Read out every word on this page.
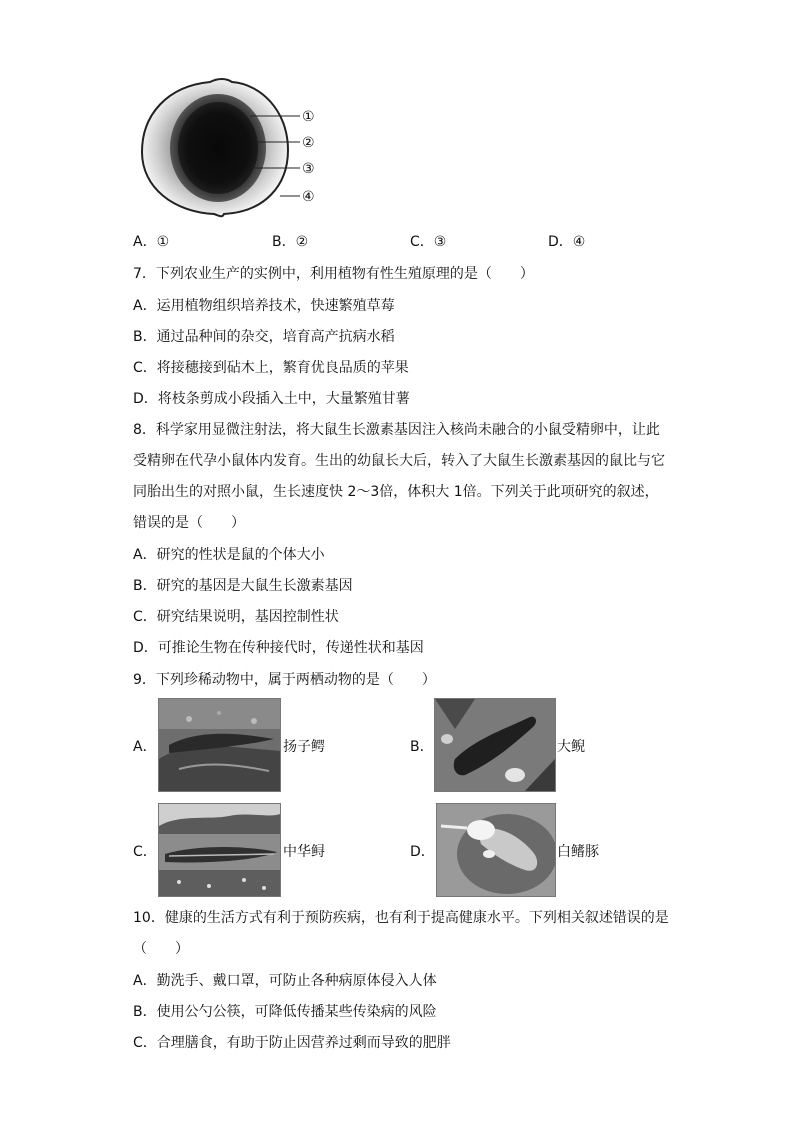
①
②
③
④
A．①	B．②	C．③	D．④
7．下列农业生产的实例中，利用植物有性生殖原理的是（　　）
A．运用植物组织培养技术，快速繁殖草莓
B．通过品种间的杂交，培育高产抗病水稻
C．将接穗接到砧木上，繁育优良品质的苹果
D．将枝条剪成小段插入土中，大量繁殖甘薯
8．科学家用显微注射法，将大鼠生长激素基因注入核尚未融合的小鼠受精卵中，让此
受精卵在代孕小鼠体内发育。生出的幼鼠长大后，转入了大鼠生长激素基因的鼠比与它
同胎出生的对照小鼠，生长速度快 2～3倍，体积大 1倍。下列关于此项研究的叙述，
错误的是（　　）
A．研究的性状是鼠的个体大小
B．研究的基因是大鼠生长激素基因
C．研究结果说明，基因控制性状
D．可推论生物在传种接代时，传递性状和基因
9．下列珍稀动物中，属于两栖动物的是（　　）
A．	扬子鳄	B．	大鲵
C．	中华鲟	D．	白鳍豚
10．健康的生活方式有利于预防疾病，也有利于提高健康水平。下列相关叙述错误的是
（　　）
A．勤洗手、戴口罩，可防止各种病原体侵入人体
B．使用公勺公筷，可降低传播某些传染病的风险
C．合理膳食，有助于防止因营养过剩而导致的肥胖
